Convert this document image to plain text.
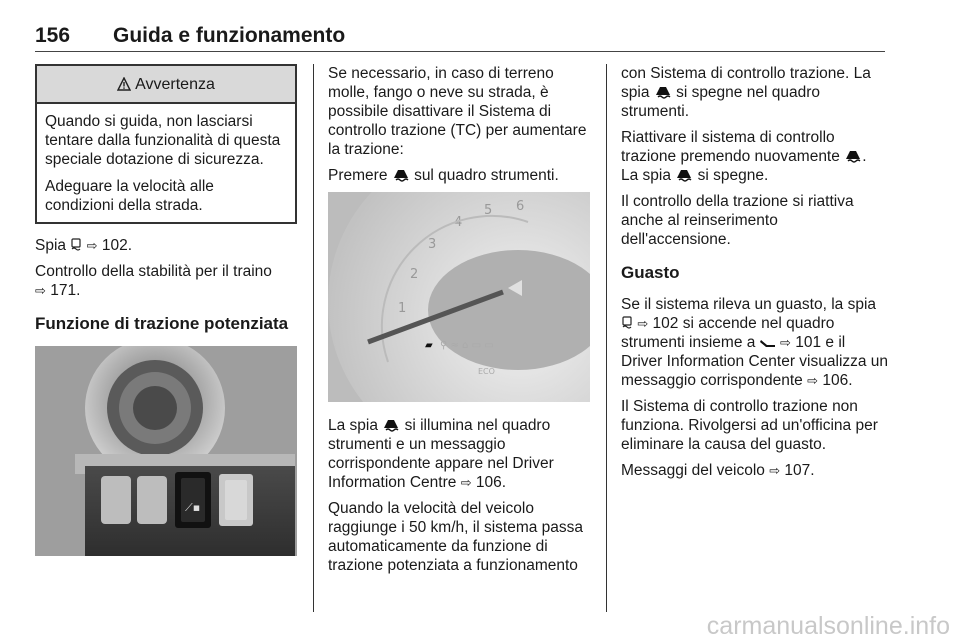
156	Guida e funzionamento
Avvertenza

Quando si guida, non lasciarsi tentare dalla funzionalità di questa speciale dotazione di sicurezza.

Adeguare la velocità alle condizioni della strada.

Spia ⇨ 102.

Controllo della stabilità per il traino
⇨ 171.

Funzione di trazione potenziata
⟋▪

Se necessario, in caso di terreno molle, fango o neve su strada, è possibile disattivare il Sistema di controllo trazione (TC) per aumentare la trazione:

Premere sul quadro strumenti.

1
2
3
4
5 6
▰ ⚲ ≈ ⌂ ▭ ▭
ECO

La spia si illumina nel quadro strumenti e un messaggio corrispondente appare nel Driver Information Centre ⇨ 106.

Quando la velocità del veicolo raggiunge i 50 km/h, il sistema passa automaticamente da funzione di trazione potenziata a funzionamento

con Sistema di controllo trazione. La spia si spegne nel quadro strumenti.

Riattivare il sistema di controllo trazione premendo nuovamente .
La spia si spegne.

Il controllo della trazione si riattiva anche al reinserimento dell'accensione.

Guasto

Se il sistema rileva un guasto, la spia
⇨ 102 si accende nel quadro strumenti insieme a ⇨ 101 e il Driver Information Center visualizza un messaggio corrispondente ⇨ 106.

Il Sistema di controllo trazione non funziona. Rivolgersi ad un'officina per eliminare la causa del guasto.

Messaggi del veicolo ⇨ 107.

carmanualsonline.info
